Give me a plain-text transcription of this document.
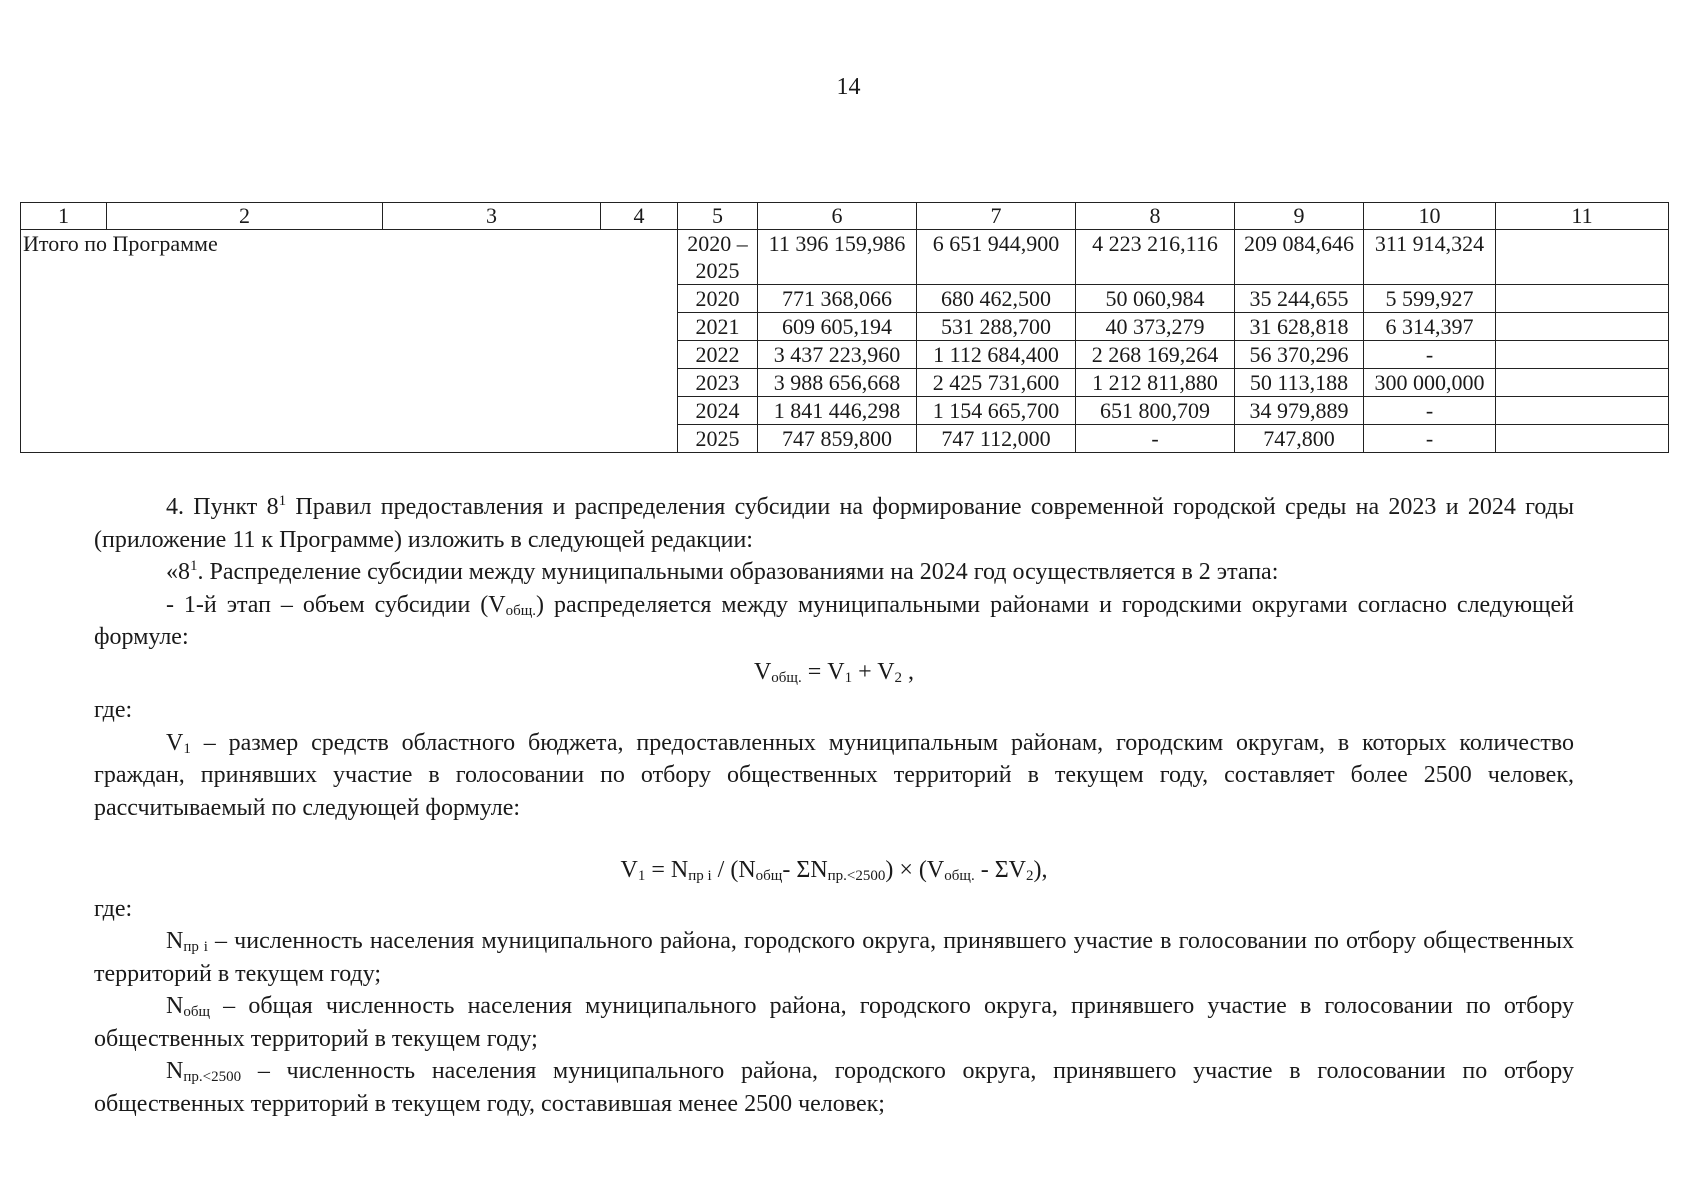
14
1	2	3	4	5	6	7	8	9	10	11
Итого по Программе				2020 – 2025	11 396 159,986	6 651 944,900	4 223 216,116	209 084,646	311 914,324	
				2020	771 368,066	680 462,500	50 060,984	35 244,655	5 599,927	
				2021	609 605,194	531 288,700	40 373,279	31 628,818	6 314,397	
				2022	3 437 223,960	1 112 684,400	2 268 169,264	56 370,296	-	
				2023	3 988 656,668	2 425 731,600	1 212 811,880	50 113,188	300 000,000	
				2024	1 841 446,298	1 154 665,700	651 800,709	34 979,889	-	
				2025	747 859,800	747 112,000	-	747,800	-	

4. Пункт $8^1$ Правил предоставления и распределения субсидии на формирование современной городской среды на 2023 и 2024 годы (приложение 11 к Программе) изложить в следующей редакции:

«$8^1$. Распределение субсидии между муниципальными образованиями на 2024 год осуществляется в 2 этапа:

- 1-й этап – объем субсидии $(V_{общ.})$ распределяется между муниципальными районами и городскими округами согласно следующей формуле:

$V_{общ.} = V_1 + V_2$ ,

где:

$V_1$ – размер средств областного бюджета, предоставленных муниципальным районам, городским округам, в которых количество граждан, принявших участие в голосовании по отбору общественных территорий в текущем году, составляет более 2500 человек, рассчитываемый по следующей формуле:

$V_1 = N_{пр i} / (N_{общ}-$ $\Sigma N_{пр.<2500}) \times (V_{общ.} - \Sigma V_2)$,

где:

$N_{пр i}$ – численность населения муниципального района, городского округа, принявшего участие в голосовании по отбору общественных территорий в текущем году;

$N_{общ}$ – общая численность населения муниципального района, городского округа, принявшего участие в голосовании по отбору общественных территорий в текущем году;

$N_{пр.<2500}$ – численность населения муниципального района, городского округа, принявшего участие в голосовании по отбору общественных территорий в текущем году, составившая менее 2500 человек;
